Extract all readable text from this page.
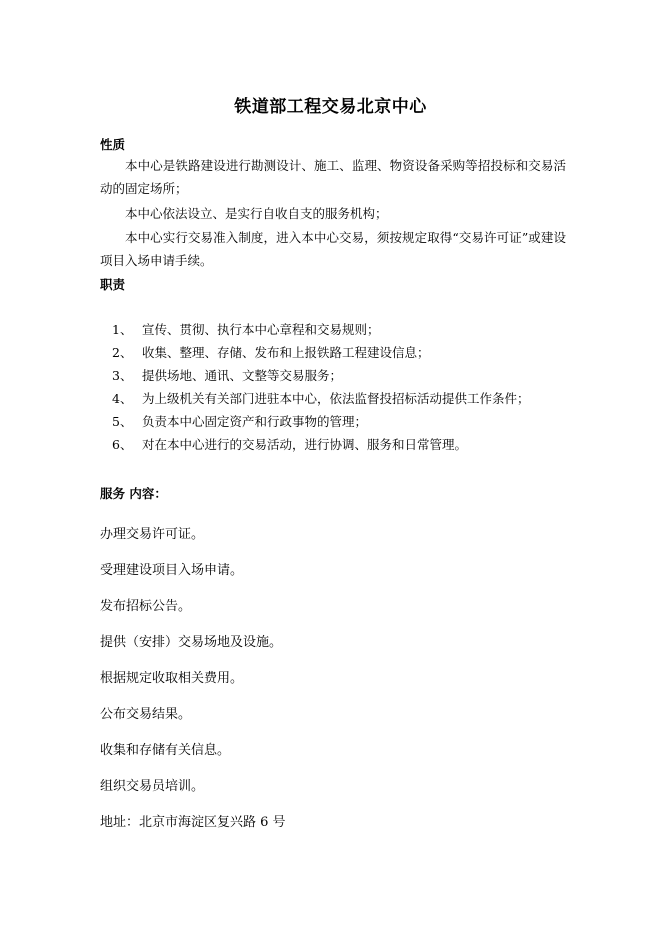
铁道部工程交易北京中心
性质

本中心是铁路建设进行勘测设计、施工、监理、物资设备采购等招投标和交易活动的固定场所；

本中心依法设立、是实行自收自支的服务机构；

本中心实行交易准入制度，进入本中心交易，须按规定取得“交易许可证”或建设项目入场申请手续。

职责
1、 宣传、贯彻、执行本中心章程和交易规则；
2、 收集、整理、存储、发布和上报铁路工程建设信息；
3、 提供场地、通讯、文整等交易服务；
4、 为上级机关有关部门进驻本中心，依法监督投招标活动提供工作条件；
5、 负责本中心固定资产和行政事物的管理；
6、 对在本中心进行的交易活动，进行协调、服务和日常管理。
服务 内容：
办理交易许可证。
受理建设项目入场申请。
发布招标公告。
提供（安排）交易场地及设施。
根据规定收取相关费用。
公布交易结果。
收集和存储有关信息。
组织交易员培训。
地址：北京市海淀区复兴路 6 号
